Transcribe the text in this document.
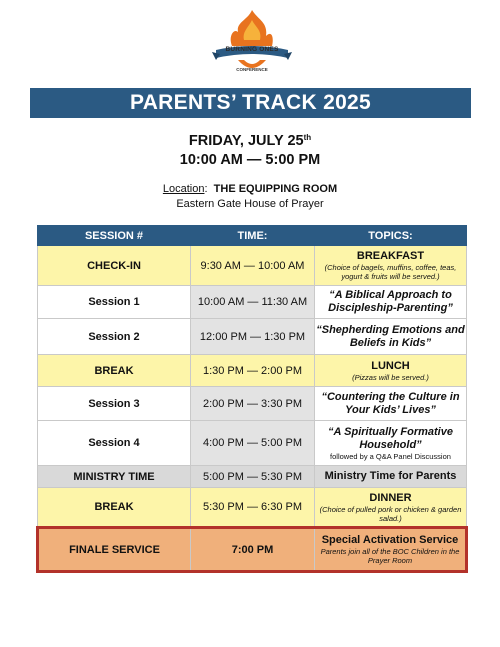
BURNING ONES
CONFERENCE
PARENTS’ TRACK 2025
FRIDAY, JULY 25th
10:00 AM — 5:00 PM
Location: THE EQUIPPING ROOM
Eastern Gate House of Prayer
SESSION #	TIME:	TOPICS:
CHECK-IN	9:30 AM — 10:00 AM	BREAKFAST
(Choice of bagels, muffins, coffee, teas, yogurt & fruits will be served.)

Session 1	10:00 AM — 11:30 AM	“A Biblical Approach to Discipleship-Parenting”

Session 2	12:00 PM — 1:30 PM	“Shepherding Emotions and Beliefs in Kids”

BREAK	1:30 PM — 2:00 PM	LUNCH
(Pizzas will be served.)

Session 3	2:00 PM — 3:30 PM	“Countering the Culture in Your Kids’ Lives”

Session 4	4:00 PM — 5:00 PM	“A Spiritually Formative Household”
followed by a Q&A Panel Discussion

MINISTRY TIME	5:00 PM — 5:30 PM	Ministry Time for Parents

BREAK	5:30 PM — 6:30 PM	DINNER
(Choice of pulled pork or chicken & garden salad.)

FINALE SERVICE	7:00 PM	Special Activation Service
Parents join all of the BOC Children in the Prayer Room
